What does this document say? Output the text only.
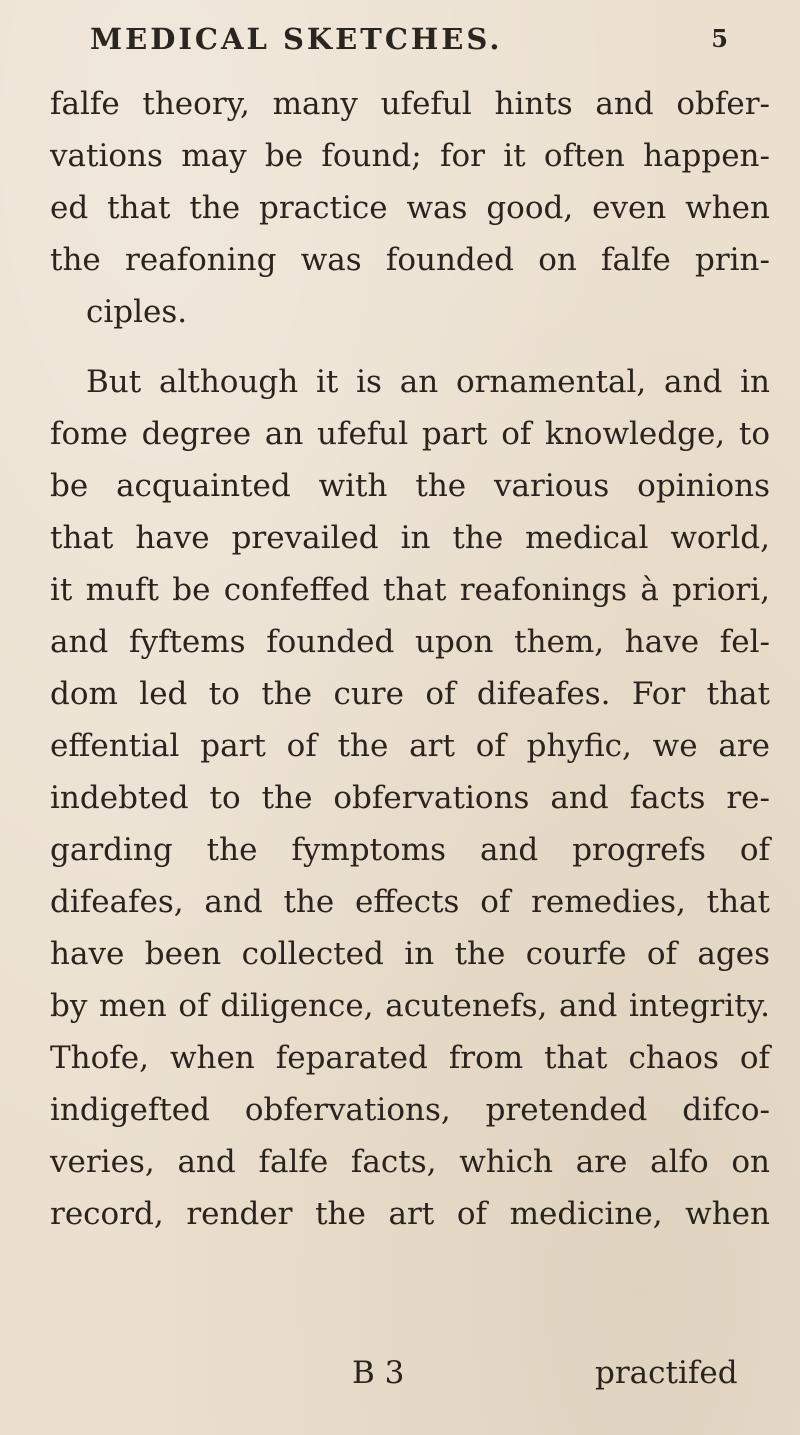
MEDICAL SKETCHES.	5
falfe theory, many ufeful hints and obfer-
vations may be found; for it often happen-
ed that the practice was good, even when
the reafoning was founded on falfe prin-
ciples.
But although it is an ornamental, and in
fome degree an ufeful part of knowledge, to
be acquainted with the various opinions
that have prevailed in the medical world,
it muft be confeffed that reafonings à priori,
and fyftems founded upon them, have fel-
dom led to the cure of difeafes. For that
effential part of the art of phyfic, we are
indebted to the obfervations and facts re-
garding the fymptoms and progrefs of
difeafes, and the effects of remedies, that
have been collected in the courfe of ages
by men of diligence, acutenefs, and integrity.
Thofe, when feparated from that chaos of
indigefted obfervations, pretended difco-
veries, and falfe facts, which are alfo on
record, render the art of medicine, when
B 3	practifed
